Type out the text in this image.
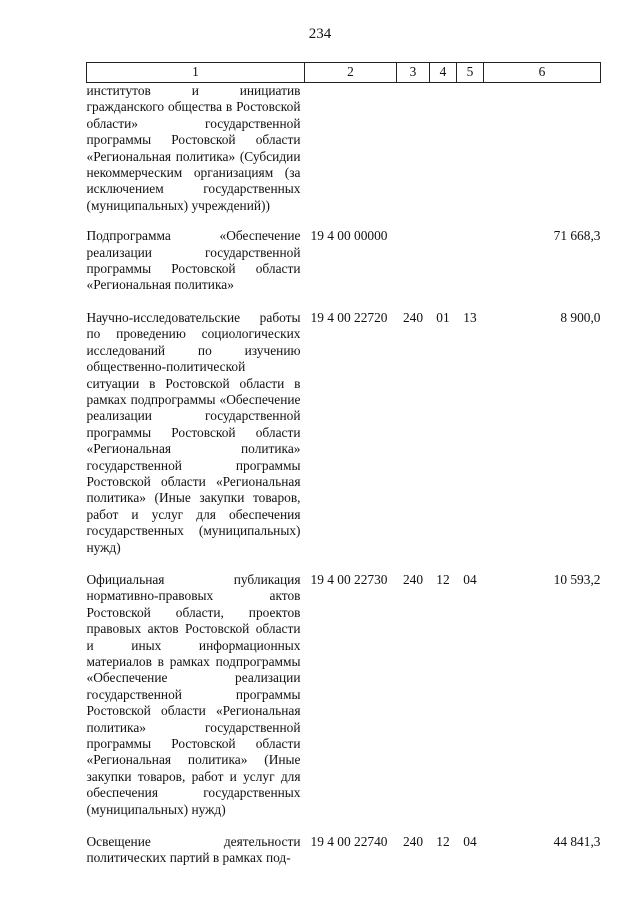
234
1	2	3	4	5	6
институтов и инициатив гражданского общества в Ростовской области» государственной программы Ростовской области «Региональная политика» (Субсидии некоммерческим организациям (за исключением государственных (муниципальных) учреждений))					
Подпрограмма «Обеспечение реализации государственной программы Ростовской области «Региональная политика»	19 4 00 00000				71 668,3
Научно-исследовательские работы по проведению социологических исследований по изучению общественно-политической ситуации в Ростовской области в рамках подпрограммы «Обеспечение реализации государственной программы Ростовской области «Региональная политика» государственной программы Ростовской области «Региональная политика» (Иные закупки товаров, работ и услуг для обеспечения государственных (муниципальных) нужд)	19 4 00 22720	240	01	13	8 900,0
Официальная публикация нормативно-правовых актов Ростовской области, проектов правовых актов Ростовской области и иных информационных материалов в рамках подпрограммы «Обеспечение реализации государственной программы Ростовской области «Региональная политика» государственной программы Ростовской области «Региональная политика» (Иные закупки товаров, работ и услуг для обеспечения государственных (муниципальных) нужд)	19 4 00 22730	240	12	04	10 593,2
Освещение деятельности политических партий в рамках под-	19 4 00 22740	240	12	04	44 841,3
